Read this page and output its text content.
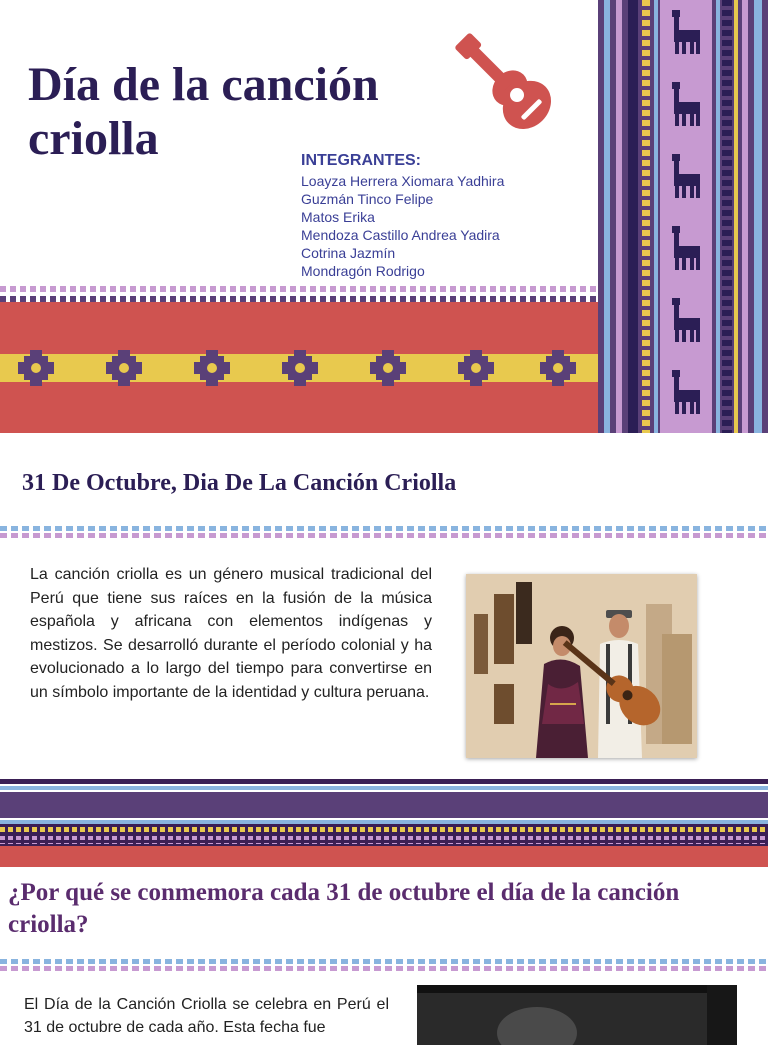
Día de la canción criolla	INTEGRANTES:

Loayza Herrera Xiomara Yadhira
Guzmán Tinco Felipe
Matos Erika
Mendoza Castillo Andrea Yadira
Cotrina Jazmín
Mondragón Rodrigo
31 De Octubre, Dia De La Canción Criolla

La canción criolla es un género musical tradicional del Perú que tiene sus raíces en la fusión de la música española y africana con elementos indígenas y mestizos. Se desarrolló durante el período colonial y ha evolucionado a lo largo del tiempo para convertirse en un símbolo importante de la identidad y cultura peruana.

¿Por qué se conmemora cada 31 de octubre el día de la canción criolla?

El Día de la Canción Criolla se celebra en Perú el 31 de octubre de cada año. Esta fecha fue
